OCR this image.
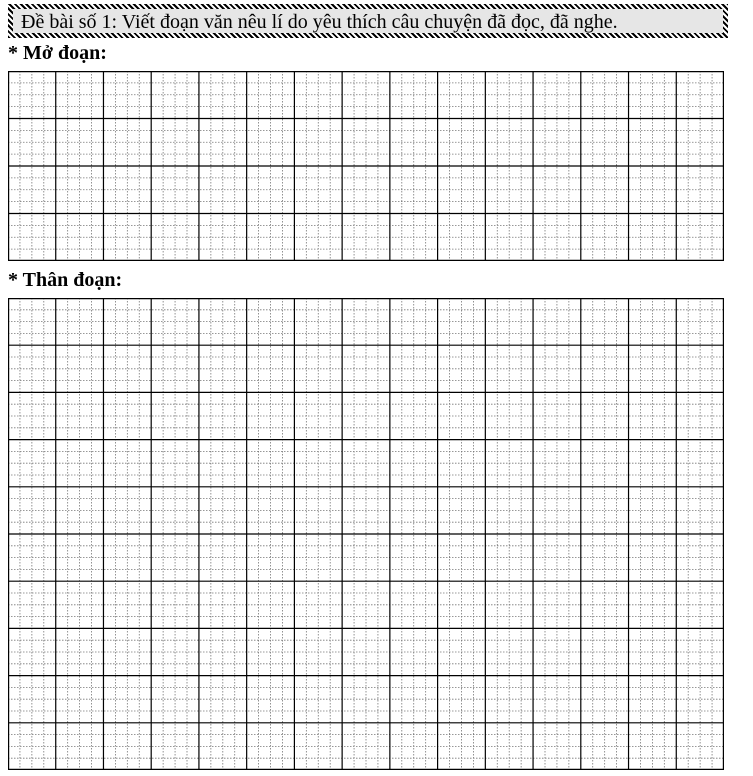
Đề bài số 1: Viết đoạn văn nêu lí do yêu thích câu chuyện đã đọc, đã nghe.
* Mở đoạn:
* Thân đoạn:
